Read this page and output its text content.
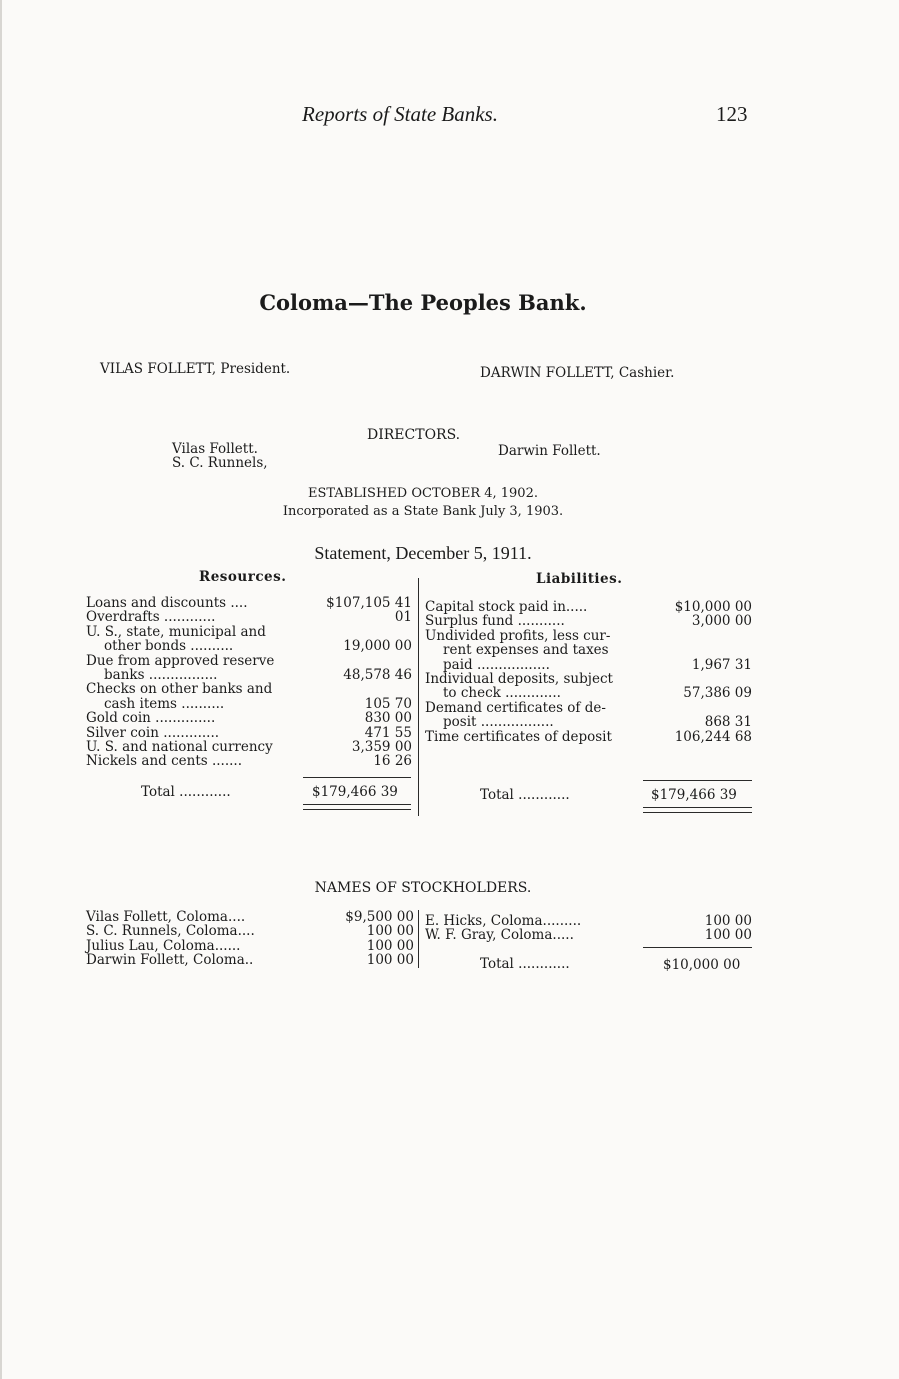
Reports of State Banks.	123
Coloma—The Peoples Bank.
VILAS FOLLETT, President.	DARWIN FOLLETT, Cashier.
DIRECTORS.
Vilas Follett.
S. C. Runnels,
Darwin Follett.
ESTABLISHED OCTOBER 4, 1902.
Incorporated as a State Bank July 3, 1903.
Statement, December 5, 1911.
Resources.	Liabilities.
Loans and discounts ....	$107,105 41
Overdrafts ............	01
U. S., state, municipal and
other bonds ..........	19,000 00
Due from approved reserve
banks ................	48,578 46
Checks on other banks and
cash items ..........	105 70
Gold coin ..............	830 00
Silver coin .............	471 55
U. S. and national currency	3,359 00
Nickels and cents .......	16 26
Total ............	$179,466 39
Capital stock paid in.....	$10,000 00
Surplus fund ...........	3,000 00
Undivided profits, less cur-
rent expenses and taxes
paid .................	1,967 31
Individual deposits, subject
to check .............	57,386 09
Demand certificates of de-
posit .................	868 31
Time certificates of deposit	106,244 68
Total ............	$179,466 39
NAMES OF STOCKHOLDERS.
Vilas Follett, Coloma....	$9,500 00
S. C. Runnels, Coloma....	100 00
Julius Lau, Coloma......	100 00
Darwin Follett, Coloma..	100 00
E. Hicks, Coloma.........	100 00
W. F. Gray, Coloma.....	100 00
Total ............	$10,000 00
